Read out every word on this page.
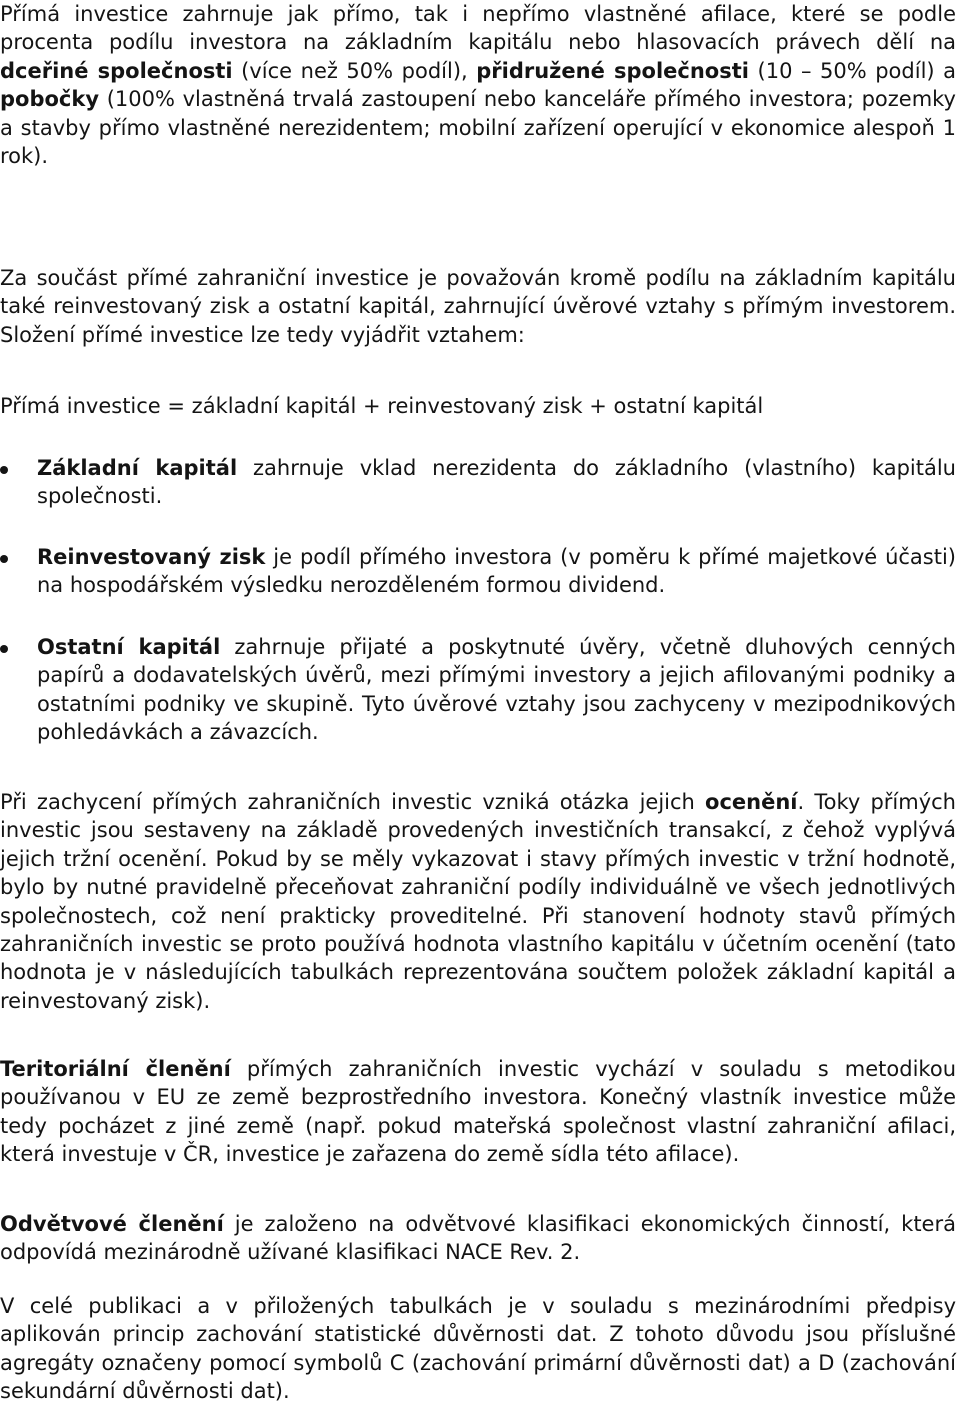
Přímá investice zahrnuje jak přímo, tak i nepřímo vlastněné afilace, které se podle procenta podílu investora na základním kapitálu nebo hlasovacích právech dělí na dceřiné společnosti (více než 50% podíl), přidružené společnosti (10 – 50% podíl) a pobočky (100% vlastněná trvalá zastoupení nebo kanceláře přímého investora; pozemky a stavby přímo vlastněné nerezidentem; mobilní zařízení operující v ekonomice alespoň 1 rok).

Za součást přímé zahraniční investice je považován kromě podílu na základním kapitálu také reinvestovaný zisk a ostatní kapitál, zahrnující úvěrové vztahy s přímým investorem. Složení přímé investice lze tedy vyjádřit vztahem:

Přímá investice = základní kapitál + reinvestovaný zisk + ostatní kapitál

Základní kapitál zahrnuje vklad nerezidenta do základního (vlastního) kapitálu společnosti.
Reinvestovaný zisk je podíl přímého investora (v poměru k přímé majetkové účasti) na hospodářském výsledku nerozděleném formou dividend.
Ostatní kapitál zahrnuje přijaté a poskytnuté úvěry, včetně dluhových cenných papírů a dodavatelských úvěrů, mezi přímými investory a jejich afilovanými podniky a ostatními podniky ve skupině. Tyto úvěrové vztahy jsou zachyceny v mezipodnikových pohledávkách a závazcích.

Při zachycení přímých zahraničních investic vzniká otázka jejich ocenění. Toky přímých investic jsou sestaveny na základě provedených investičních transakcí, z čehož vyplývá jejich tržní ocenění. Pokud by se měly vykazovat i stavy přímých investic v tržní hodnotě, bylo by nutné pravidelně přeceňovat zahraniční podíly individuálně ve všech jednotlivých společnostech, což není prakticky proveditelné. Při stanovení hodnoty stavů přímých zahraničních investic se proto používá hodnota vlastního kapitálu v účetním ocenění (tato hodnota je v následujících tabulkách reprezentována součtem položek základní kapitál a reinvestovaný zisk).

Teritoriální členění přímých zahraničních investic vychází v souladu s metodikou používanou v EU ze země bezprostředního investora. Konečný vlastník investice může tedy pocházet z jiné země (např. pokud mateřská společnost vlastní zahraniční afilaci, která investuje v ČR, investice je zařazena do země sídla této afilace).

Odvětvové členění je založeno na odvětvové klasifikaci ekonomických činností, která odpovídá mezinárodně užívané klasifikaci NACE Rev. 2.

V celé publikaci a v přiložených tabulkách je v souladu s mezinárodními předpisy aplikován princip zachování statistické důvěrnosti dat. Z tohoto důvodu jsou příslušné agregáty označeny pomocí symbolů C (zachování primární důvěrnosti dat) a D (zachování sekundární důvěrnosti dat).
